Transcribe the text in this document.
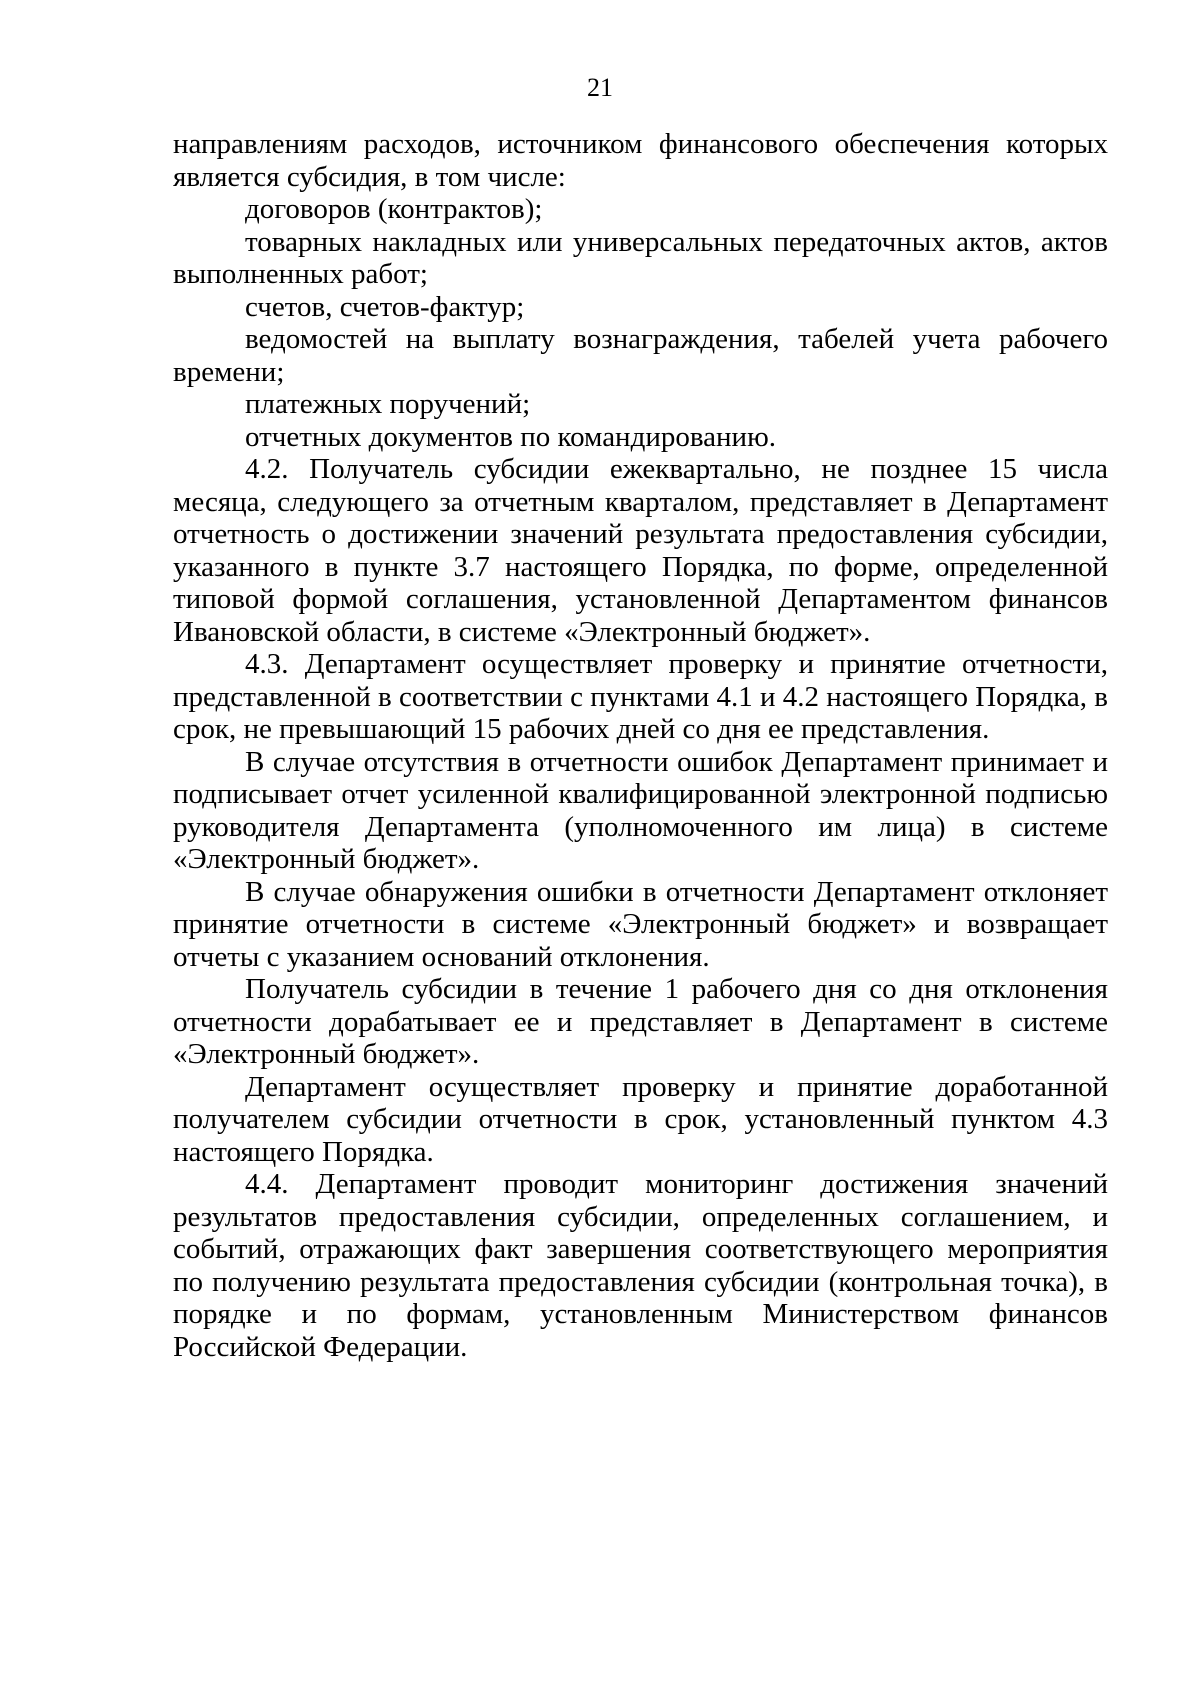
21

направлениям расходов, источником финансового обеспечения которых является субсидия, в том числе:

договоров (контрактов);

товарных накладных или универсальных передаточных актов, актов выполненных работ;

счетов, счетов-фактур;

ведомостей на выплату вознаграждения, табелей учета рабочего времени;

платежных поручений;

отчетных документов по командированию.

4.2. Получатель субсидии ежеквартально, не позднее 15 числа месяца, следующего за отчетным кварталом, представляет в Департамент отчетность о достижении значений результата предоставления субсидии, указанного в пункте 3.7 настоящего Порядка, по форме, определенной типовой формой соглашения, установленной Департаментом финансов Ивановской области, в системе «Электронный бюджет».

4.3. Департамент осуществляет проверку и принятие отчетности, представленной в соответствии с пунктами 4.1 и 4.2 настоящего Порядка, в срок, не превышающий 15 рабочих дней со дня ее представления.

В случае отсутствия в отчетности ошибок Департамент принимает и подписывает отчет усиленной квалифицированной электронной подписью руководителя Департамента (уполномоченного им лица) в системе «Электронный бюджет».

В случае обнаружения ошибки в отчетности Департамент отклоняет принятие отчетности в системе «Электронный бюджет» и возвращает отчеты с указанием оснований отклонения.

Получатель субсидии в течение 1 рабочего дня со дня отклонения отчетности дорабатывает ее и представляет в Департамент в системе «Электронный бюджет».

Департамент осуществляет проверку и принятие доработанной получателем субсидии отчетности в срок, установленный пунктом 4.3 настоящего Порядка.

4.4. Департамент проводит мониторинг достижения значений результатов предоставления субсидии, определенных соглашением, и событий, отражающих факт завершения соответствующего мероприятия по получению результата предоставления субсидии (контрольная точка), в порядке и по формам, установленным Министерством финансов Российской Федерации.
